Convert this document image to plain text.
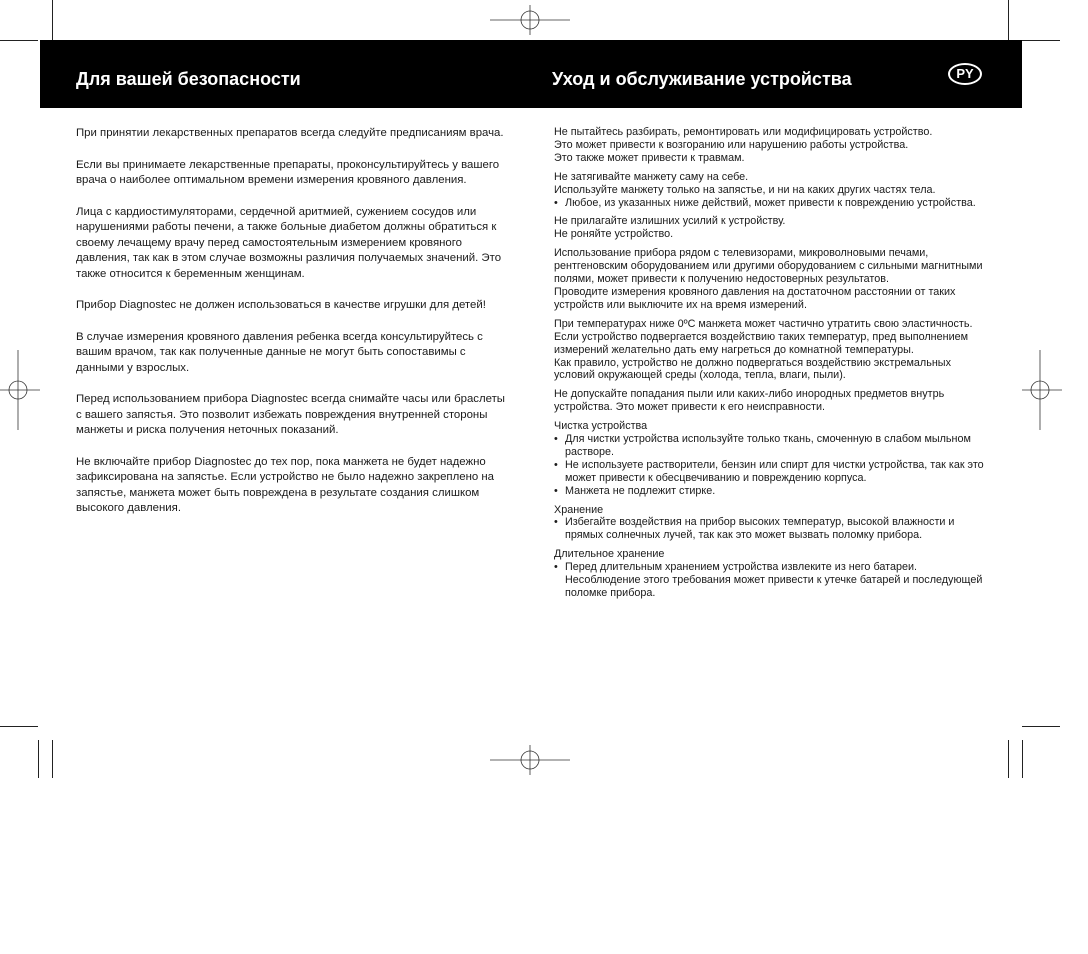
Для вашей безопасности	Уход и обслуживание устройства	PY

При принятии лекарственных препаратов всегда следуйте предписаниям врача.

Если вы принимаете лекарственные препараты, проконсультируйтесь у вашего врача о наиболее оптимальном времени измерения кровяного давления.

Лица с кардиостимуляторами, сердечной аритмией, сужением сосудов или нарушениями работы печени, а также больные диабетом должны обратиться к своему лечащему врачу перед самостоятельным измерением кровяного давления, так как в этом случае возможны различия получаемых значений. Это также относится к беременным женщинам.

Прибор Diagnostec не должен использоваться в качестве игрушки для детей!

В случае измерения кровяного давления ребенка всегда консультируйтесь с вашим врачом, так как полученные данные не могут быть сопоставимы с данными у взрослых.

Перед использованием прибора Diagnostec всегда снимайте часы или браслеты с вашего запястья. Это позволит избежать повреждения внутренней стороны манжеты и риска получения неточных показаний.

Не включайте прибор Diagnostec до тех пор, пока манжета не будет надежно зафиксирована на запястье. Если устройство не было надежно закреплено на запястье, манжета может быть повреждена в результате создания слишком высокого давления.

Не пытайтесь разбирать, ремонтировать или модифицировать устройство.

Это может привести к возгоранию или нарушению работы устройства.

Это также может привести к травмам.

Не затягивайте манжету саму на себе.

Используйте манжету только на запястье, и ни на каких других частях тела.

• Любое, из указанных ниже действий, может привести к повреждению устройства.

Не прилагайте излишних усилий к устройству.

Не роняйте устройство.

Использование прибора рядом с телевизорами, микроволновыми печами, рентгеновским оборудованием или другими оборудованием с сильными магнитными полями, может привести к получению недостоверных результатов.

Проводите измерения кровяного давления на достаточном расстоянии от таких устройств или выключите их на время измерений.

При температурах ниже 0ºC манжета может частично утратить свою эластичность. Если устройство подвергается воздействию таких температур, пред выполнением измерений желательно дать ему нагреться до комнатной температуры.

Как правило, устройство не должно подвергаться воздействию экстремальных условий окружающей среды (холода, тепла, влаги, пыли).

Не допускайте попадания пыли или каких-либо инородных предметов внутрь устройства. Это может привести к его неисправности.

Чистка устройства

• Для чистки устройства используйте только ткань, смоченную в слабом мыльном растворе.
• Не используете растворители, бензин или спирт для чистки устройства, так как это может привести к обесцвечиванию и повреждению корпуса.
• Манжета не подлежит стирке.

Хранение

• Избегайте воздействия на прибор высоких температур, высокой влажности и прямых солнечных лучей, так как это может вызвать поломку прибора.

Длительное хранение

• Перед длительным хранением устройства извлеките из него батареи. Несоблюдение этого требования может привести к утечке батарей и последующей поломке прибора.
